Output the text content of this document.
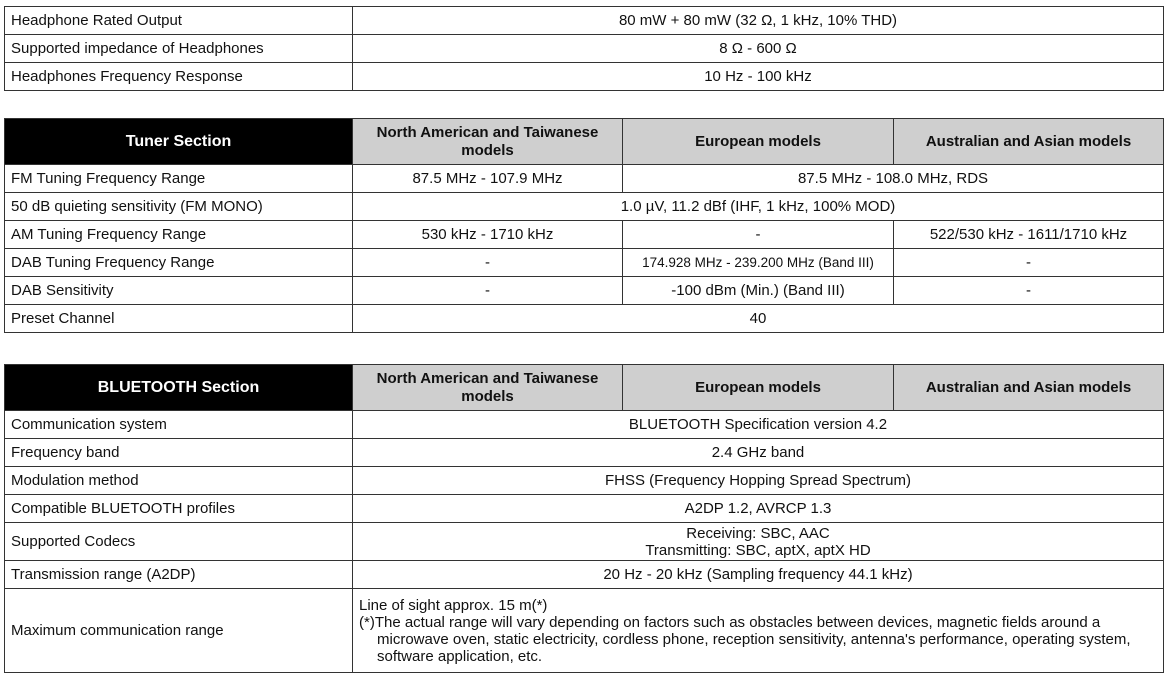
Headphone Rated Output	80 mW + 80 mW (32 Ω, 1 kHz, 10% THD)
Supported impedance of Headphones	8 Ω - 600 Ω
Headphones Frequency Response	10 Hz - 100 kHz
Tuner Section	North American and Taiwanese models	European models	Australian and Asian models
FM Tuning Frequency Range	87.5 MHz - 107.9 MHz	87.5 MHz - 108.0 MHz, RDS	
50 dB quieting sensitivity (FM MONO)	1.0 µV, 11.2 dBf (IHF, 1 kHz, 100% MOD)		
AM Tuning Frequency Range	530 kHz - 1710 kHz	-	522/530 kHz - 1611/1710 kHz
DAB Tuning Frequency Range	-	174.928 MHz - 239.200 MHz (Band III)	-
DAB Sensitivity	-	-100 dBm (Min.) (Band III)	-
Preset Channel	40		
BLUETOOTH Section	North American and Taiwanese models	European models	Australian and Asian models
Communication system	BLUETOOTH Specification version 4.2		
Frequency band	2.4 GHz band		
Modulation method	FHSS (Frequency Hopping Spread Spectrum)		
Compatible BLUETOOTH profiles	A2DP 1.2, AVRCP 1.3		
Supported Codecs	Receiving: SBC, AAC
Transmitting: SBC, aptX, aptX HD		

Transmission range (A2DP)	20 Hz - 20 kHz (Sampling frequency 44.1 kHz)		
Maximum communication range	Line of sight approx. 15 m(*)
(*)The actual range will vary depending on factors such as obstacles between devices, magnetic fields around a microwave oven, static electricity, cordless phone, reception sensitivity, antenna's performance, operating system, software application, etc.		
